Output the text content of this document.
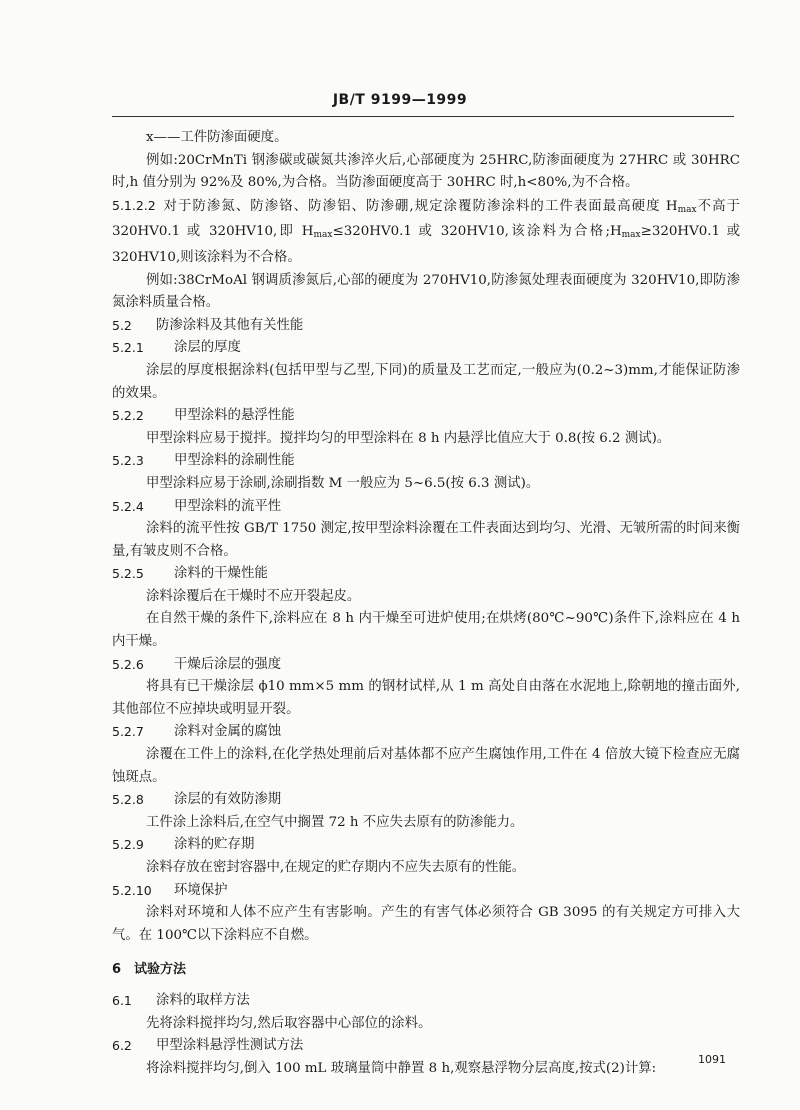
JB/T 9199—1999

x——工件防渗面硬度。

例如:20CrMnTi 钢渗碳或碳氮共渗淬火后,心部硬度为 25HRC,防渗面硬度为 27HRC 或 30HRC 时,h 值分别为 92%及 80%,为合格。当防渗面硬度高于 30HRC 时,h<80%,为不合格。

5.1.2.2  对于防渗氮、防渗铬、防渗铝、防渗硼,规定涂覆防渗涂料的工件表面最高硬度 $H_{max}$不高于 320HV0.1 或 320HV10,即 $H_{max}\le 320HV0.1$ 或 320HV10,该涂料为合格$;H_{max}\ge 320HV0.1$ 或 320HV10,则该涂料为不合格。

例如:38CrMoAl 钢调质渗氮后,心部的硬度为 270HV10,防渗氮处理表面硬度为 320HV10,即防渗氮涂料质量合格。

5.2	防渗涂料及其他有关性能
5.2.1	涂层的厚度

涂层的厚度根据涂料(包括甲型与乙型,下同)的质量及工艺而定,一般应为(0.2~3)mm,才能保证防渗的效果。

5.2.2	甲型涂料的悬浮性能

甲型涂料应易于搅拌。搅拌均匀的甲型涂料在 8 h 内悬浮比值应大于 0.8(按 6.2 测试)。

5.2.3	甲型涂料的涂刷性能

甲型涂料应易于涂刷,涂刷指数 M 一般应为 5~6.5(按 6.3 测试)。

5.2.4	甲型涂料的流平性

涂料的流平性按 GB/T 1750 测定,按甲型涂料涂覆在工件表面达到均匀、光滑、无皱所需的时间来衡量,有皱皮则不合格。

5.2.5	涂料的干燥性能

涂料涂覆后在干燥时不应开裂起皮。

在自然干燥的条件下,涂料应在 8 h 内干燥至可进炉使用;在烘烤(80℃~90℃)条件下,涂料应在 4 h内干燥。

5.2.6	干燥后涂层的强度

将具有已干燥涂层 ϕ10 mm×5 mm 的钢材试样,从 1 m 高处自由落在水泥地上,除朝地的撞击面外,其他部位不应掉块或明显开裂。

5.2.7	涂料对金属的腐蚀

涂覆在工件上的涂料,在化学热处理前后对基体都不应产生腐蚀作用,工件在 4 倍放大镜下检查应无腐蚀斑点。

5.2.8	涂层的有效防渗期

工件涂上涂料后,在空气中搁置 72 h 不应失去原有的防渗能力。

5.2.9	涂料的贮存期

涂料存放在密封容器中,在规定的贮存期内不应失去原有的性能。

5.2.10	环境保护

涂料对环境和人体不应产生有害影响。产生的有害气体必须符合 GB 3095 的有关规定方可排入大气。在 100℃以下涂料应不自燃。

6 试验方法
6.1	涂料的取样方法

先将涂料搅拌均匀,然后取容器中心部位的涂料。

6.2	甲型涂料悬浮性测试方法

将涂料搅拌均匀,倒入 100 mL 玻璃量筒中静置 8 h,观察悬浮物分层高度,按式(2)计算:

1091
